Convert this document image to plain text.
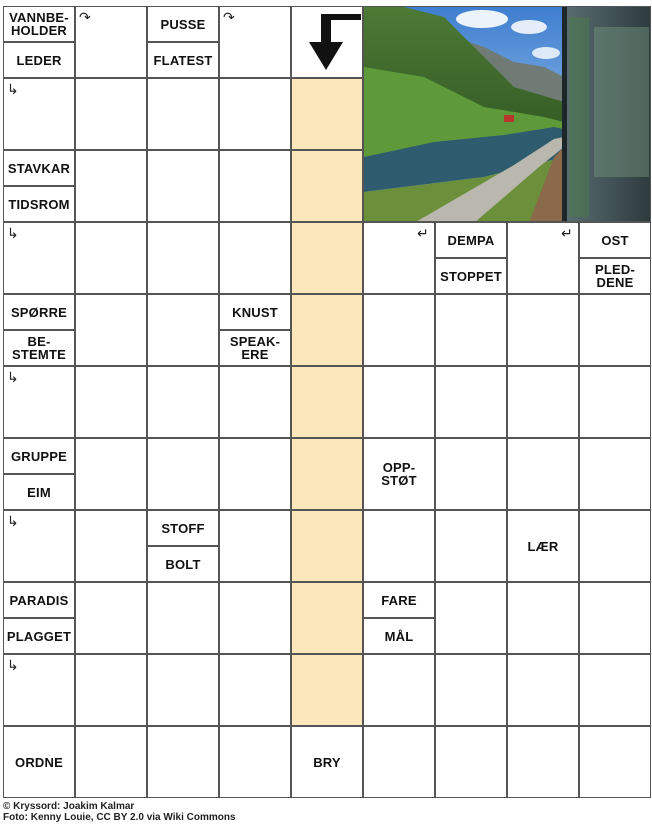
VANNBE-
HOLDER
LEDER
PUSSE
FLATEST
STAVKAR
TIDSROM
DEMPA
STOPPET
OST
PLED-
DENE
SPØRRE
BE-
STEMTE
KNUST
SPEAK-
ERE
GRUPPE
EIM
OPP-
STØT
STOFF
BOLT
LÆR
PARADIS
PLAGGET
FARE
MÅL
ORDNE	BRY
↷	↷
↳
↳
↳
↳
↳
↵	↵
© Kryssord: Joakim Kalmar
Foto: Kenny Louie, CC BY 2.0 via Wiki Commons
